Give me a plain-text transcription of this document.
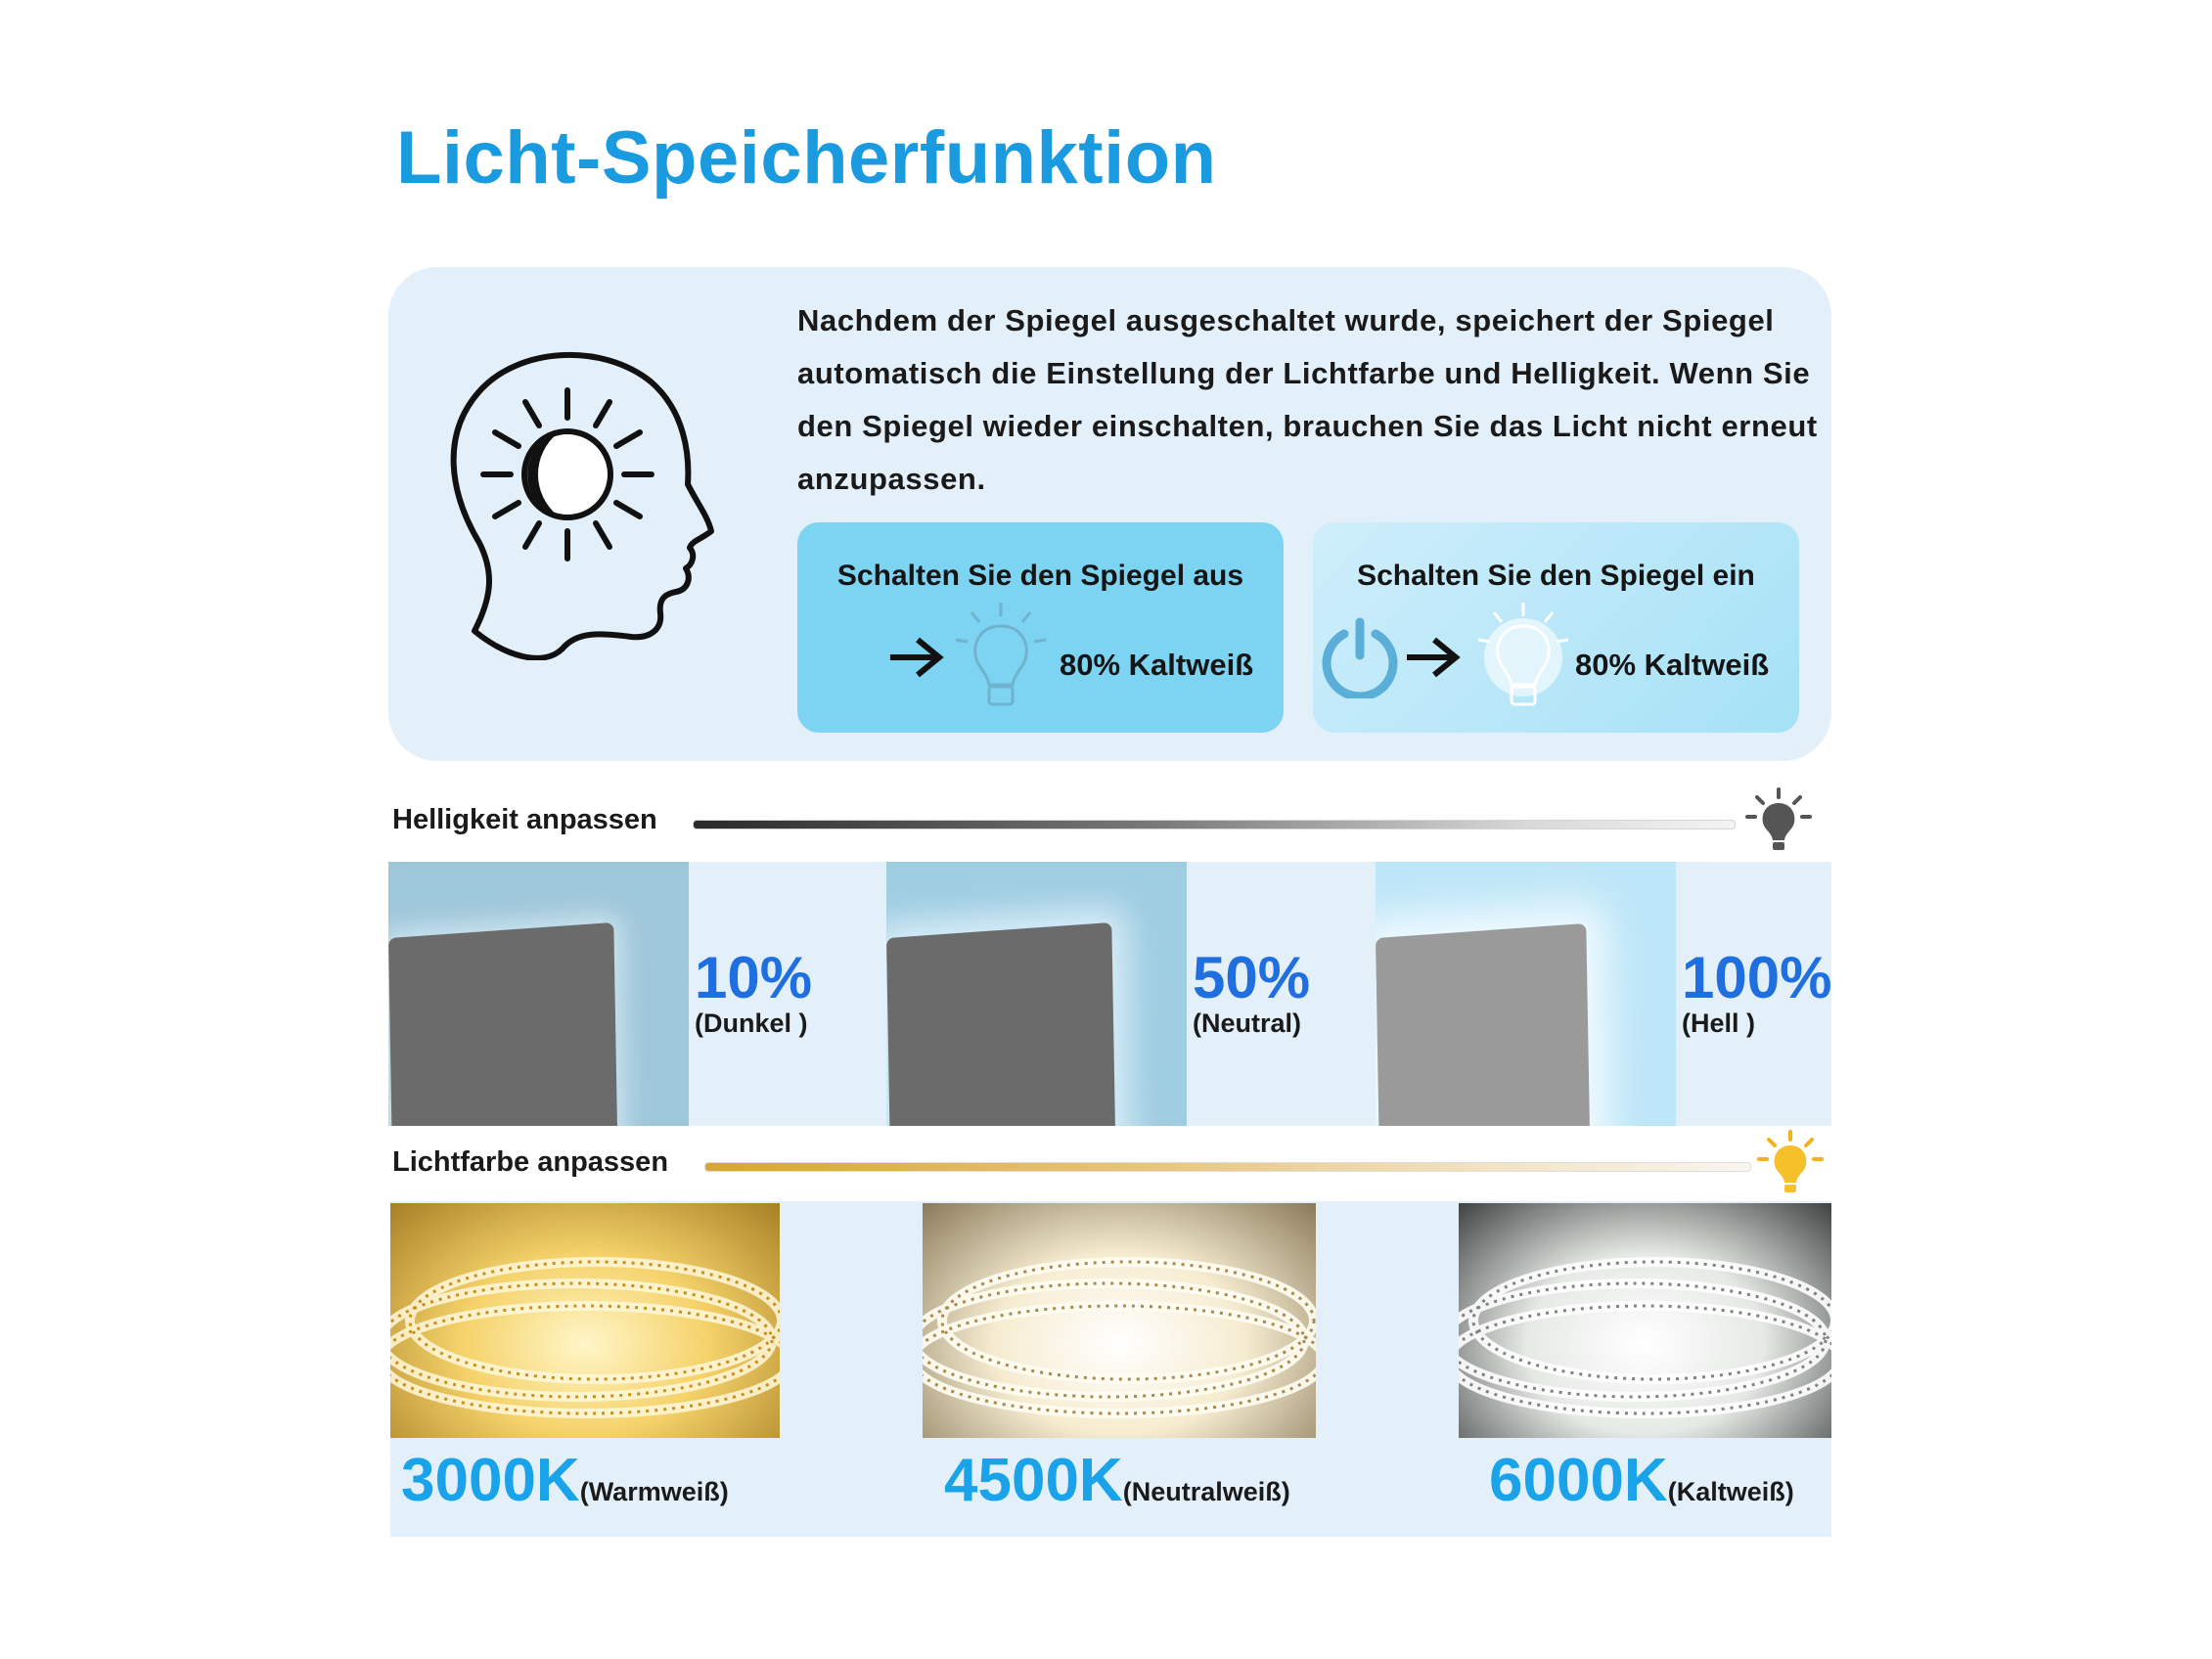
Licht-Speicherfunktion
Nachdem der Spiegel ausgeschaltet wurde, speichert der Spiegel automatisch die Einstellung der Lichtfarbe und Helligkeit. Wenn Sie den Spiegel wieder einschalten, brauchen Sie das Licht nicht erneut anzupassen.
Schalten Sie den Spiegel aus
80% Kaltweiß
Schalten Sie den Spiegel ein
80% Kaltweiß
Helligkeit anpassen
10%
(Dunkel )
50%
(Neutral)
100%
(Hell )
Lichtfarbe anpassen
3000K(Warmweiß)	4500K(Neutralweiß)	6000K(Kaltweiß)
